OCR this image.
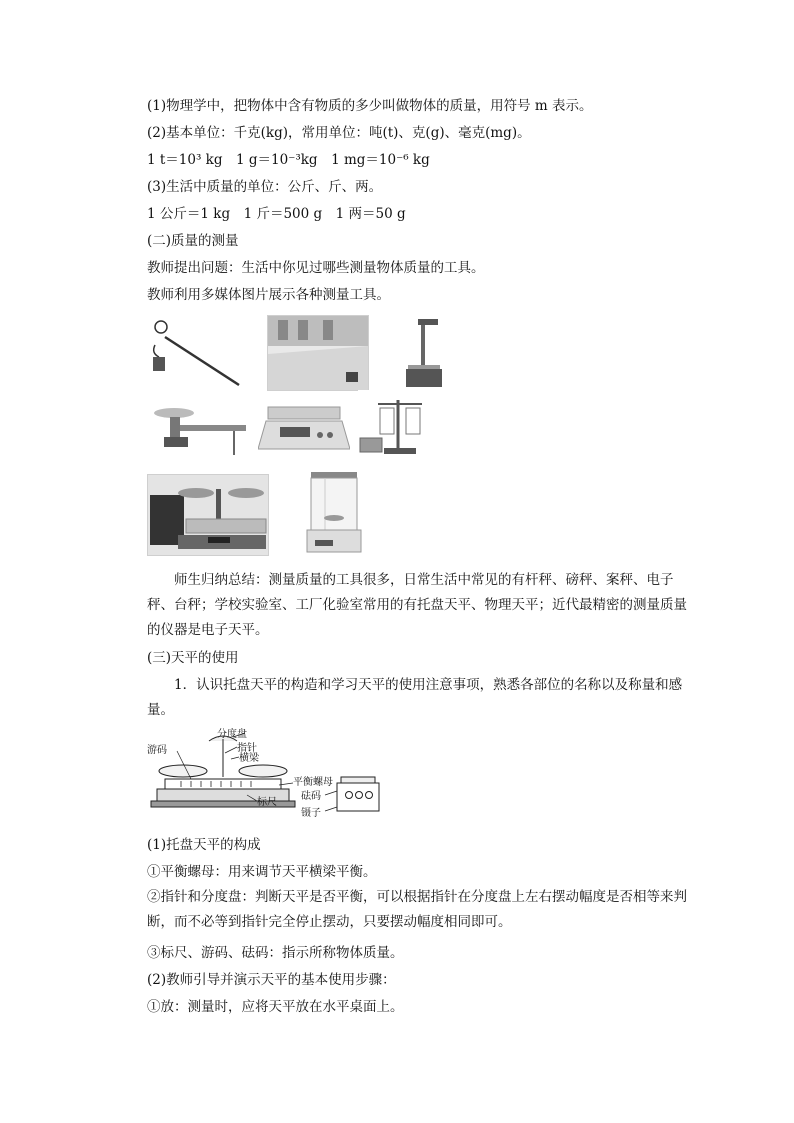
(1)物理学中，把物体中含有物质的多少叫做物体的质量，用符号 m 表示。
(2)基本单位：千克(kg)，常用单位：吨(t)、克(g)、毫克(mg)。
1 t＝10³ kg　1 g＝10⁻³kg　1 mg＝10⁻⁶ kg
(3)生活中质量的单位：公斤、斤、两。
1 公斤＝1 kg　1 斤＝500 g　1 两＝50 g
(二)质量的测量
教师提出问题：生活中你见过哪些测量物体质量的工具。
教师利用多媒体图片展示各种测量工具。
师生归纳总结：测量质量的工具很多，日常生活中常见的有杆秤、磅秤、案秤、电子秤、台秤；学校实验室、工厂化验室常用的有托盘天平、物理天平；近代最精密的测量质量的仪器是电子天平。
(三)天平的使用
1．认识托盘天平的构造和学习天平的使用注意事项，熟悉各部位的名称以及称量和感量。
分度盘
指针
横梁
游码
平衡螺母
标尺
砝码
镊子
(1)托盘天平的构成
①平衡螺母：用来调节天平横梁平衡。
②指针和分度盘：判断天平是否平衡，可以根据指针在分度盘上左右摆动幅度是否相等来判断，而不必等到指针完全停止摆动，只要摆动幅度相同即可。
③标尺、游码、砝码：指示所称物体质量。
(2)教师引导并演示天平的基本使用步骤：
①放：测量时，应将天平放在水平桌面上。
